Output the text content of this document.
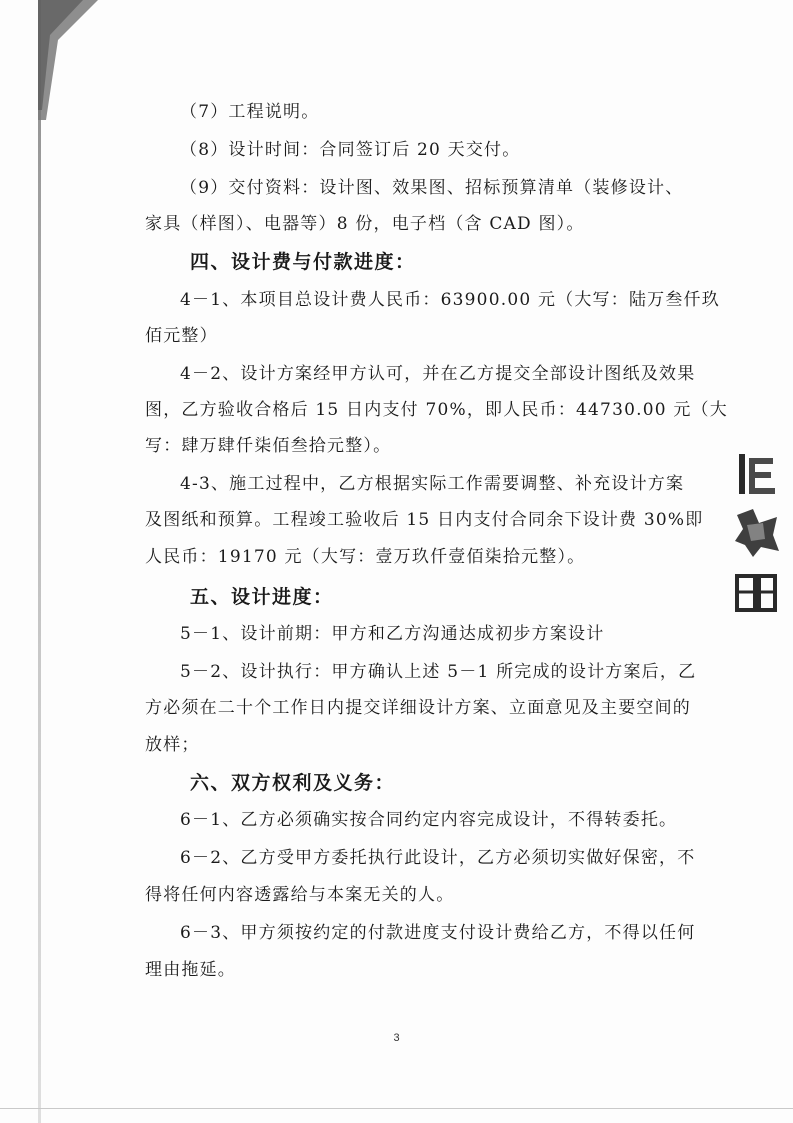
（7）工程说明。
（8）设计时间：合同签订后 20 天交付。
（9）交付资料：设计图、效果图、招标预算清单（装修设计、
家具（样图）、电器等）8 份，电子档（含 CAD 图）。
四、设计费与付款进度：
4－1、本项目总设计费人民币：63900.00 元（大写：陆万叁仟玖
佰元整）
4－2、设计方案经甲方认可，并在乙方提交全部设计图纸及效果
图，乙方验收合格后 15 日内支付 70%，即人民币：44730.00 元（大
写：肆万肆仟柒佰叁拾元整）。
4-3、施工过程中，乙方根据实际工作需要调整、补充设计方案
及图纸和预算。工程竣工验收后 15 日内支付合同余下设计费 30%即
人民币：19170 元（大写：壹万玖仟壹佰柒拾元整）。
五、设计进度：
5－1、设计前期：甲方和乙方沟通达成初步方案设计
5－2、设计执行：甲方确认上述 5－1 所完成的设计方案后，乙
方必须在二十个工作日内提交详细设计方案、立面意见及主要空间的
放样；
六、双方权利及义务：
6－1、乙方必须确实按合同约定内容完成设计，不得转委托。
6－2、乙方受甲方委托执行此设计，乙方必须切实做好保密，不
得将任何内容透露给与本案无关的人。
6－3、甲方须按约定的付款进度支付设计费给乙方，不得以任何
理由拖延。
3
